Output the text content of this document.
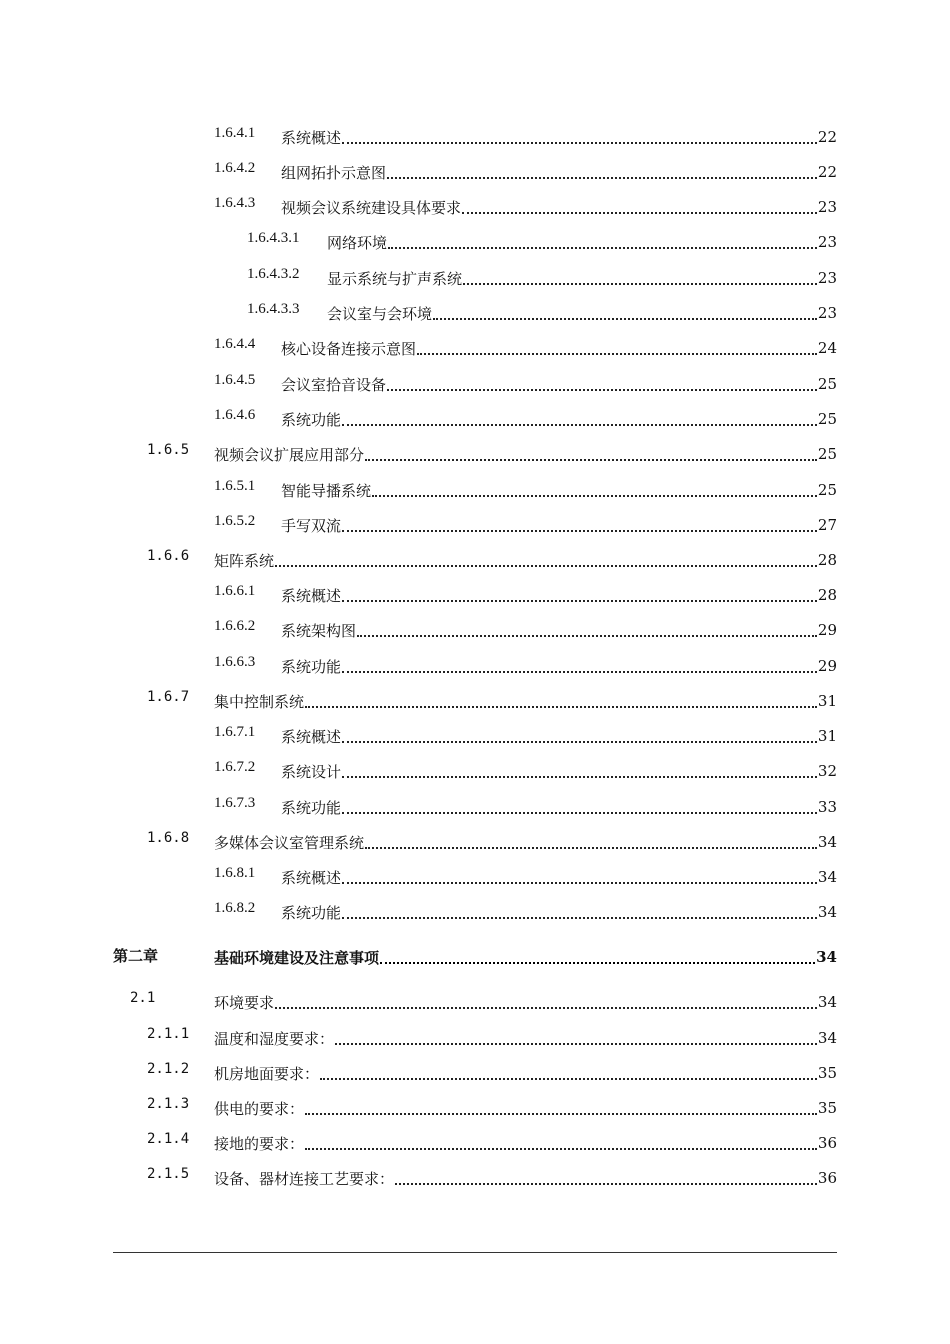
1.6.4.1 系统概述	22
1.6.4.2 组网拓扑示意图	22
1.6.4.3 视频会议系统建设具体要求	23
1.6.4.3.1 网络环境	23
1.6.4.3.2 显示系统与扩声系统	23
1.6.4.3.3 会议室与会环境	23
1.6.4.4 核心设备连接示意图	24
1.6.4.5 会议室拾音设备	25
1.6.4.6 系统功能	25
1.6.5 视频会议扩展应用部分	25
1.6.5.1 智能导播系统	25
1.6.5.2 手写双流	27
1.6.6 矩阵系统	28
1.6.6.1 系统概述	28
1.6.6.2 系统架构图	29
1.6.6.3 系统功能	29
1.6.7 集中控制系统	31
1.6.7.1 系统概述	31
1.6.7.2 系统设计	32
1.6.7.3 系统功能	33
1.6.8 多媒体会议室管理系统	34
1.6.8.1 系统概述	34
1.6.8.2 系统功能	34
第二章	基础环境建设及注意事项	34
2.1	环境要求	34
2.1.1 温度和湿度要求：	34
2.1.2 机房地面要求：	35
2.1.3 供电的要求：	35
2.1.4 接地的要求：	36
2.1.5 设备、器材连接工艺要求：	36
